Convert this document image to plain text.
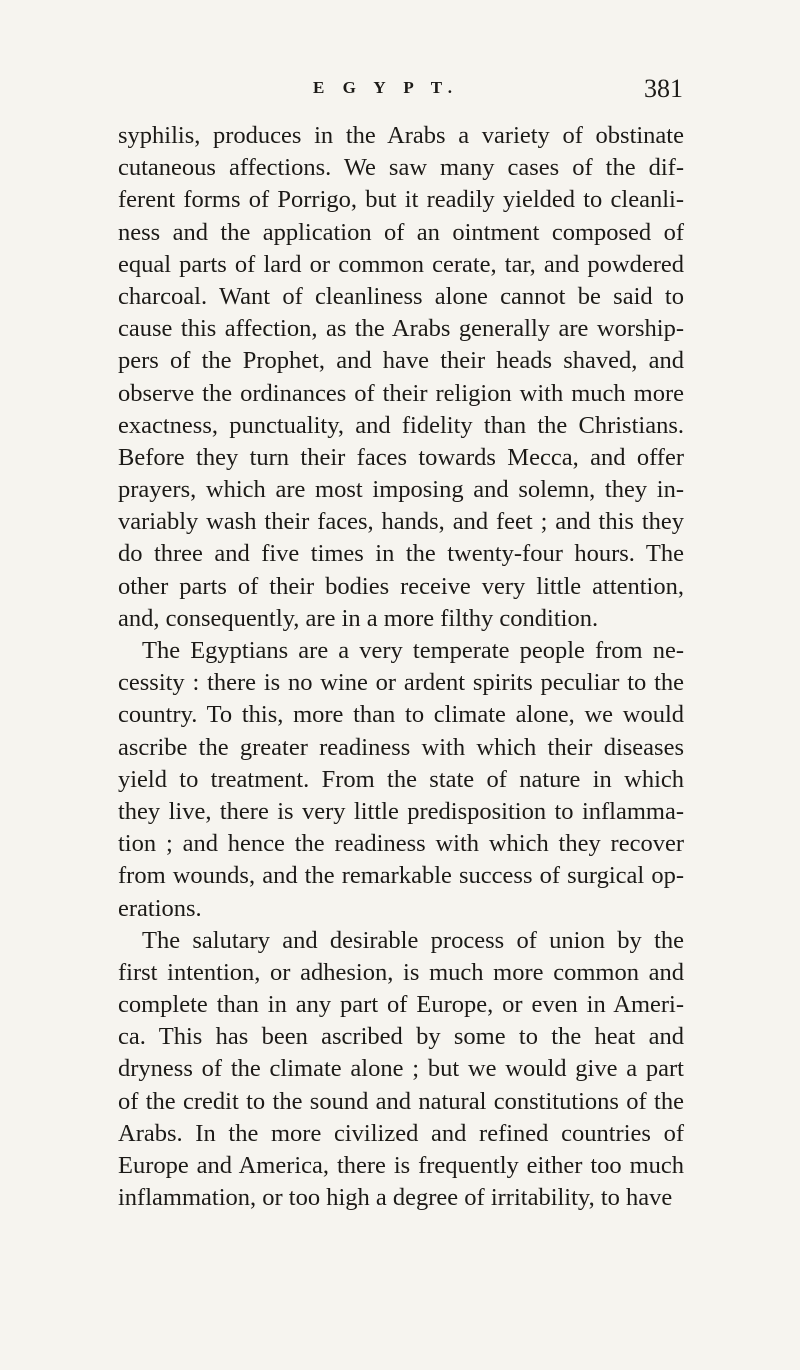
E G Y P T.	381
syphilis, produces in the Arabs a variety of obstinate
cutaneous affections. We saw many cases of the dif-
ferent forms of Porrigo, but it readily yielded to cleanli-
ness and the application of an ointment composed of
equal parts of lard or common cerate, tar, and powdered
charcoal. Want of cleanliness alone cannot be said to
cause this affection, as the Arabs generally are worship-
pers of the Prophet, and have their heads shaved, and
observe the ordinances of their religion with much more
exactness, punctuality, and fidelity than the Christians.
Before they turn their faces towards Mecca, and offer
prayers, which are most imposing and solemn, they in-
variably wash their faces, hands, and feet ; and this they
do three and five times in the twenty-four hours. The
other parts of their bodies receive very little attention,
and, consequently, are in a more filthy condition.
The Egyptians are a very temperate people from ne-
cessity : there is no wine or ardent spirits peculiar to the
country. To this, more than to climate alone, we would
ascribe the greater readiness with which their diseases
yield to treatment. From the state of nature in which
they live, there is very little predisposition to inflamma-
tion ; and hence the readiness with which they recover
from wounds, and the remarkable success of surgical op-
erations.
The salutary and desirable process of union by the
first intention, or adhesion, is much more common and
complete than in any part of Europe, or even in Ameri-
ca. This has been ascribed by some to the heat and
dryness of the climate alone ; but we would give a part
of the credit to the sound and natural constitutions of the
Arabs. In the more civilized and refined countries of
Europe and America, there is frequently either too much
inflammation, or too high a degree of irritability, to have
